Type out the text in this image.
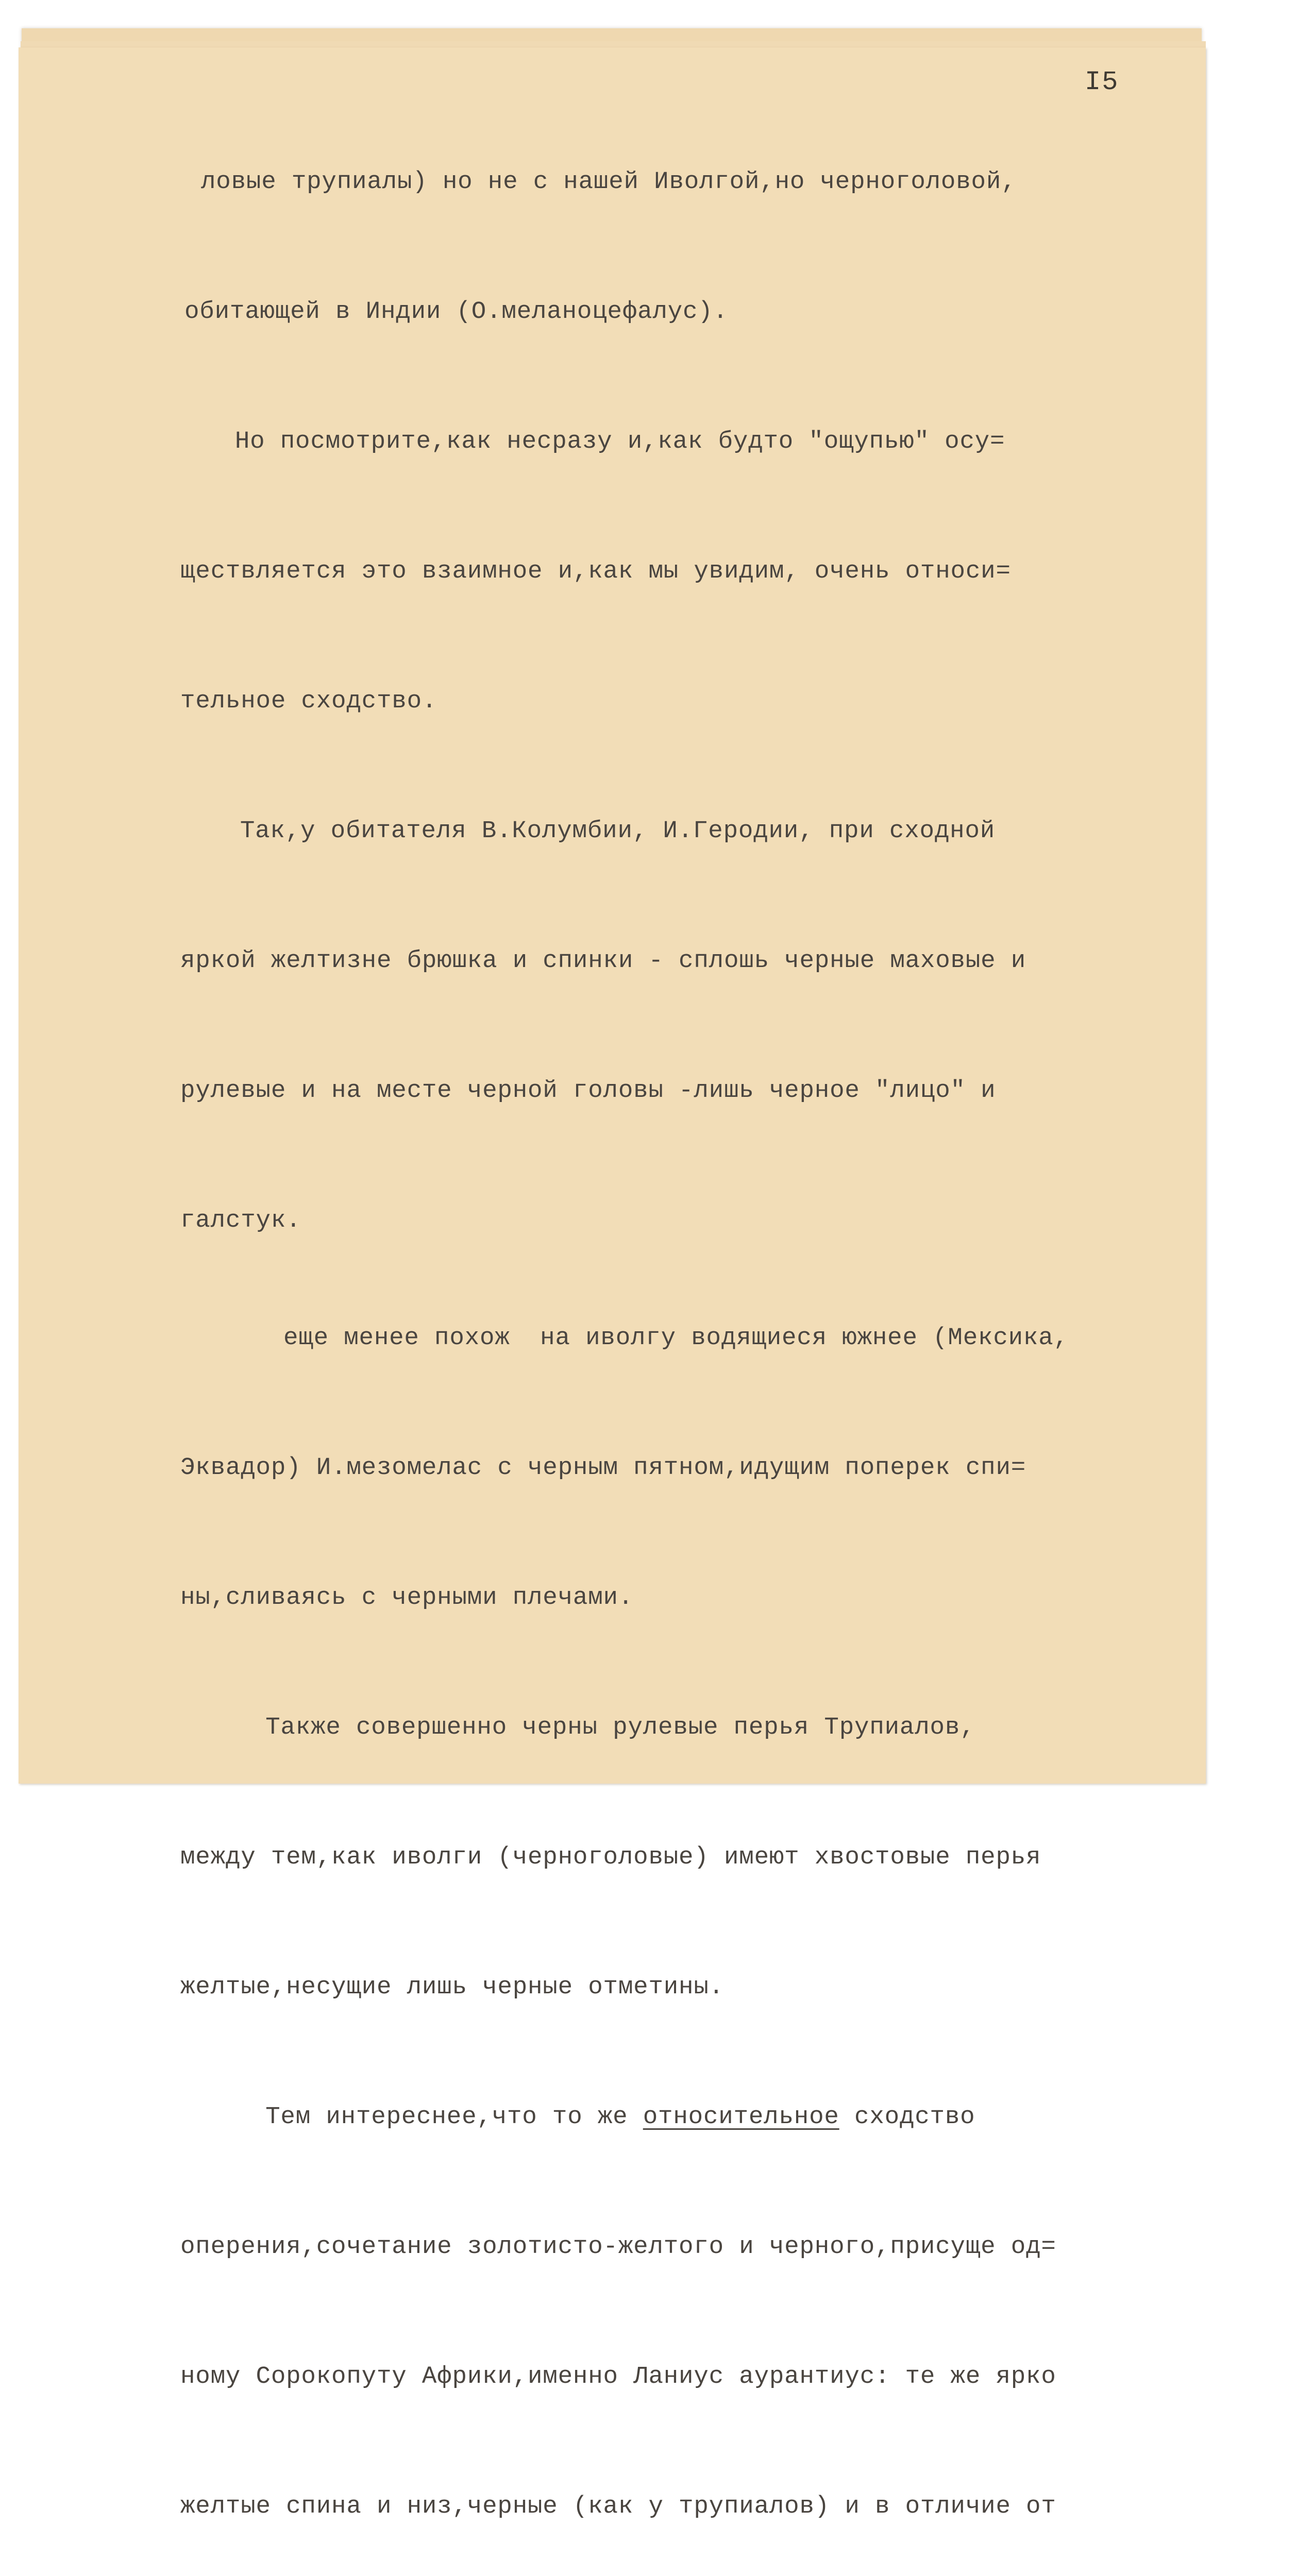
I5

ловые трупиалы) но не с нашей Иволгой,но черноголовой,

обитающей в Индии (О.меланоцефалус).

Но посмотрите,как несразу и,как будто "ощупью" осу=

ществляется это взаимное и,как мы увидим, очень относи=

тельное сходство.

Так,у обитателя В.Колумбии, И.Геродии, при сходной

яркой желтизне брюшка и спинки - сплошь черные маховые и

рулевые и на месте черной головы -лишь черное "лицо" и

галстук.

еще менее похож  на иволгу водящиеся южнее (Мексика,

Эквадор) И.мезомелас с черным пятном,идущим поперек спи=

ны,сливаясь с черными плечами.

Также совершенно черны рулевые перья Трупиалов,

между тем,как иволги (черноголовые) имеют хвостовые перья

желтые,несущие лишь черные отметины.

Тем интереснее,что то же относительное сходство

оперения,сочетание золотисто-желтого и черного,присуще од=

ному Сорокопуту Африки,именно Ланиус аурантиус: те же ярко

желтые спина и низ,черные (как у трупиалов) и в отличие от
